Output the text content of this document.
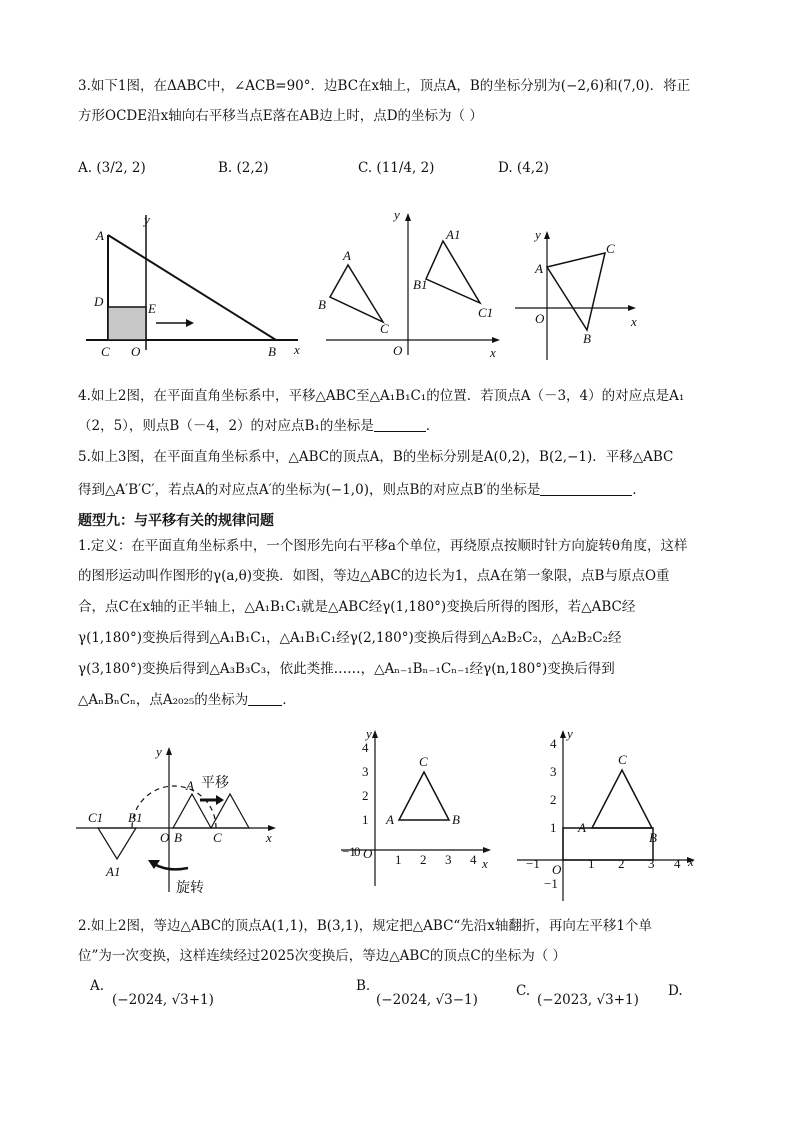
3.如下1图，在ΔABC中，∠ACB=90°．边BC在x轴上，顶点A，B的坐标分别为(−2,6)和(7,0)．将正
方形OCDE沿x轴向右平移当点E落在AB边上时，点D的坐标为（ ）
A. (3/2, 2)	B. (2,2)	C. (11/4, 2)	D. (4,2)
y
A
D	E
C O	B x
y
A
B
C
A1
B1
C1
O	x
y
A
C
O
B
x
4.如上2图，在平面直角坐标系中，平移△ABC至△A₁B₁C₁的位置．若顶点A（－3，4）的对应点是A₁
（2，5），则点B（－4，2）的对应点B₁的坐标是	．
5.如上3图，在平面直角坐标系中，△ABC的顶点A，B的坐标分别是A(0,2)，B(2,−1)．平移△ABC
得到△A′B′C′，若点A的对应点A′的坐标为(−1,0)，则点B的对应点B′的坐标是	．
题型九：与平移有关的规律问题
1.定义：在平面直角坐标系中，一个图形先向右平移a个单位，再绕原点按顺时针方向旋转θ角度，这样
的图形运动叫作图形的γ(a,θ)变换．如图，等边△ABC的边长为1，点A在第一象限，点B与原点O重
合，点C在x轴的正半轴上，△A₁B₁C₁就是△ABC经γ(1,180°)变换后所得的图形，若△ABC经
γ(1,180°)变换后得到△A₁B₁C₁，△A₁B₁C₁经γ(2,180°)变换后得到△A₂B₂C₂，△A₂B₂C₂经
γ(3,180°)变换后得到△A₃B₃C₃，依此类推……，△Aₙ₋₁Bₙ₋₁Cₙ₋₁经γ(n,180°)变换后得到
△AₙBₙCₙ，点A₂₀₂₅的坐标为	．
y
C1 B1
A1
O B
A
C	x
平移
旋转
y
4
3
2
1
−1
0 O 1 2 3 4
A	B
C
x
y
4
3
2
1
−1
−1 O 1 2 3 4
A
B
C
x
2.如上2图，等边△ABC的顶点A(1,1)，B(3,1)，规定把△ABC“先沿x轴翻折，再向左平移1个单
位”为一次变换，这样连续经过2025次变换后，等边△ABC的顶点C的坐标为（ ）
A.
(−2024, √3+1)
B.
(−2024, √3−1)
C.
(−2023, √3+1)
D.
